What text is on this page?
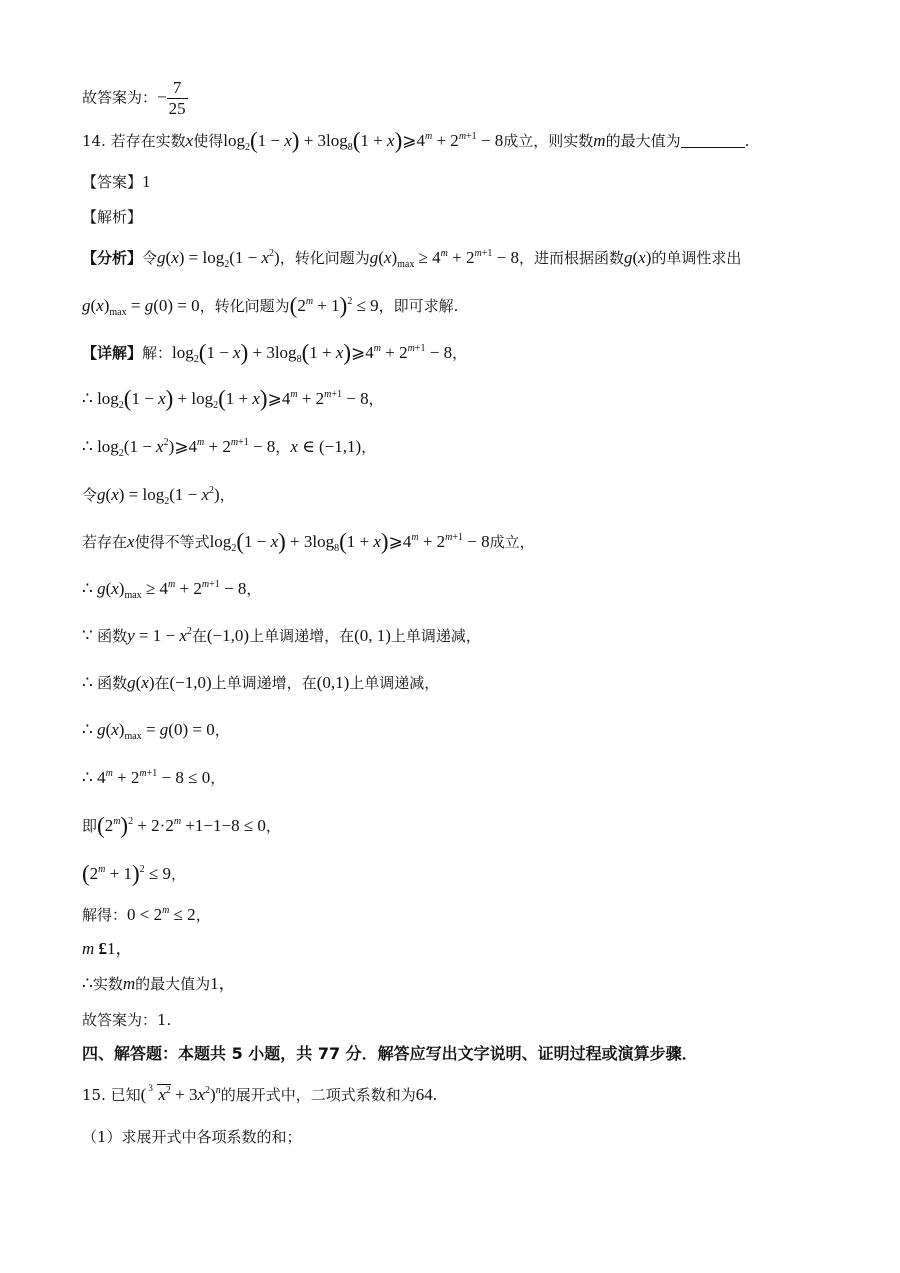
故答案为：− $\frac{7}{25}$
14. 若存在实数x使得$\log_2(1 - x) + 3\log_8(1$ + $x)⩾4^m + 2^{m+1} - 8$成立，则实数m的最大值为	.
【答案】1
【解析】
【分析】令$g(x) = \log_2(1 - x^2)$，转化问题为$g(x)_{max} \ge 4^m + 2^{m+1} - 8$，进而根据函数g(x)的单调性求出
$g(x)_{max} = g(0) = 0$，转化问题为$(2^m + 1)^2 \le 9$，即可求解.
【详解】解：$\log_2(1 - x) + 3\log_8(1$ + $x)⩾4^m + 2^{m+1} - 8$，
∴ $\log_2(1 - x) + \log_2(1$ + $x)⩾4^m + 2^{m+1} - 8$，
∴ $\log_2(1$ − $x^2)⩾4^m + 2^{m+1} - 8$，x ∈ (−1,1)，
令$g(x) = \log_2(1 - x^2)$，
若存在x使得不等式$\log_2(1 - x) + 3\log_8(1$ + $x)⩾4^m + 2^{m+1} - 8$成立，
∴ $g(x)_{max} \ge 4^m + 2^{m+1} - 8$，
∵ 函数$y = 1 - x^2$在(−1,0)上单调递增，在(0, 1)上单调递减，
∴ 函数g(x)在(−1,0)上单调递增，在(0,1)上单调递减，
∴ $g(x)_{max} = g(0) = 0$，
∴ $4^m + 2^{m+1} - 8 \le 0$，
即$(2^m)^2 + 2\cdot 2^m +1-1-8 \le 0$，
$(2^m + 1)^2 \le 9$，
解得：$0 < 2^m \le 2$，
m £1，
∴实数m的最大值为1，
故答案为：1.
四、解答题：本题共 5 小题，共 77 分．解答应写出文字说明、证明过程或演算步骤．
15. 已知( 3 $x^2 + 3x^2)^n$的展开式中，二项式系数和为64.
（1）求展开式中各项系数的和；
